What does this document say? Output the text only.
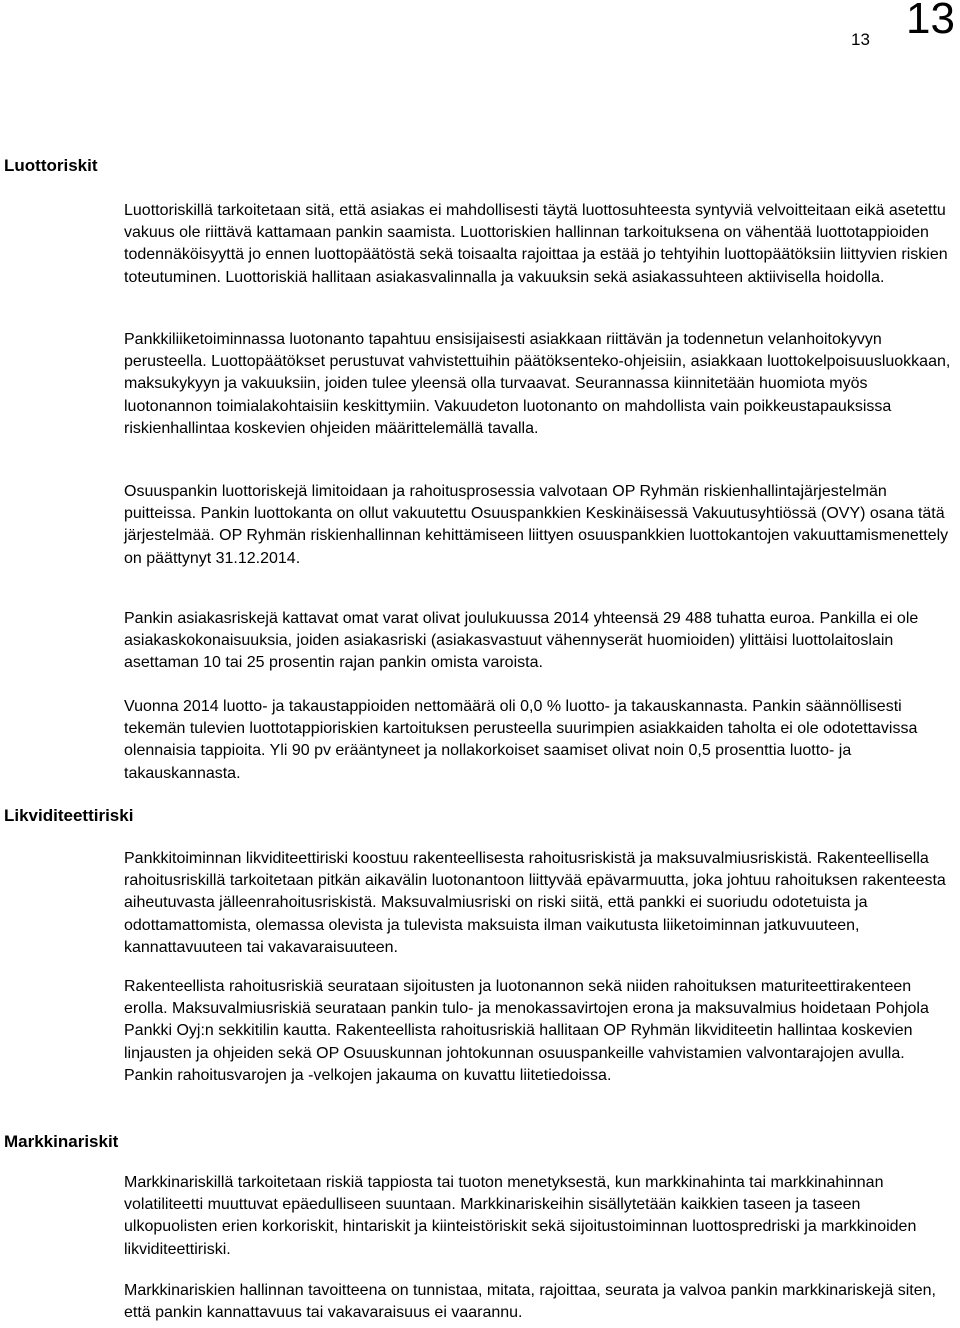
13 13
Luottoriskit

Luottoriskillä tarkoitetaan sitä, että asiakas ei mahdollisesti täytä luottosuhteesta syntyviä velvoitteitaan eikä asetettu vakuus ole riittävä kattamaan pankin saamista. Luottoriskien hallinnan tarkoituksena on vähentää luottotappioiden todennäköisyyttä jo ennen luottopäätöstä sekä toisaalta rajoittaa ja estää jo tehtyihin luottopäätöksiin liittyvien riskien toteutuminen. Luottoriskiä hallitaan asiakasvalinnalla ja vakuuksin sekä asiakassuhteen aktiivisella hoidolla.

Pankkiliiketoiminnassa luotonanto tapahtuu ensisijaisesti asiakkaan riittävän ja todennetun velanhoitokyvyn perusteella. Luottopäätökset perustuvat vahvistettuihin päätöksenteko-ohjeisiin, asiakkaan luottokelpoisuusluokkaan, maksukykyyn ja vakuuksiin, joiden tulee yleensä olla turvaavat. Seurannassa kiinnitetään huomiota myös luotonannon toimialakohtaisiin keskittymiin. Vakuudeton luotonanto on mahdollista vain poikkeustapauksissa riskienhallintaa koskevien ohjeiden määrittelemällä tavalla.

Osuuspankin luottoriskejä limitoidaan ja rahoitusprosessia valvotaan OP Ryhmän riskienhallintajärjestelmän puitteissa. Pankin luottokanta on ollut vakuutettu Osuuspankkien Keskinäisessä Vakuutusyhtiössä (OVY) osana tätä järjestelmää. OP Ryhmän riskienhallinnan kehittämiseen liittyen osuuspankkien luottokantojen vakuuttamismenettely on päättynyt 31.12.2014.

Pankin asiakasriskejä kattavat omat varat olivat joulukuussa 2014 yhteensä 29 488 tuhatta euroa. Pankilla ei ole asiakaskokonaisuuksia, joiden asiakasriski (asiakasvastuut vähennyserät huomioiden) ylittäisi luottolaitoslain asettaman 10 tai 25 prosentin rajan pankin omista varoista.

Vuonna 2014 luotto- ja takaustappioiden nettomäärä oli 0,0 % luotto- ja takauskannasta. Pankin säännöllisesti tekemän tulevien luottotappioriskien kartoituksen perusteella suurimpien asiakkaiden taholta ei ole odotettavissa olennaisia tappioita. Yli 90 pv erääntyneet ja nollakorkoiset saamiset olivat noin 0,5 prosenttia luotto- ja takauskannasta.

Likviditeettiriski

Pankkitoiminnan likviditeettiriski koostuu rakenteellisesta rahoitusriskistä ja maksuvalmiusriskistä. Rakenteellisella rahoitusriskillä tarkoitetaan pitkän aikavälin luotonantoon liittyvää epävarmuutta, joka johtuu rahoituksen rakenteesta aiheutuvasta jälleenrahoitusriskistä. Maksuvalmiusriski on riski siitä, että pankki ei suoriudu odotetuista ja odottamattomista, olemassa olevista ja tulevista maksuista ilman vaikutusta liiketoiminnan jatkuvuuteen, kannattavuuteen tai vakavaraisuuteen.

Rakenteellista rahoitusriskiä seurataan sijoitusten ja luotonannon sekä niiden rahoituksen maturiteettirakenteen erolla. Maksuvalmiusriskiä seurataan pankin tulo- ja menokassavirtojen erona ja maksuvalmius hoidetaan Pohjola Pankki Oyj:n sekkitilin kautta. Rakenteellista rahoitusriskiä hallitaan OP Ryhmän likviditeetin hallintaa koskevien linjausten ja ohjeiden sekä OP Osuuskunnan johtokunnan osuuspankeille vahvistamien valvontarajojen avulla. Pankin rahoitusvarojen ja -velkojen jakauma on kuvattu liitetiedoissa.

Markkinariskit

Markkinariskillä tarkoitetaan riskiä tappiosta tai tuoton menetyksestä, kun markkinahinta tai markkinahinnan volatiliteetti muuttuvat epäedulliseen suuntaan. Markkinariskeihin sisällytetään kaikkien taseen ja taseen ulkopuolisten erien korkoriskit, hintariskit ja kiinteistöriskit sekä sijoitustoiminnan luottospredriski ja markkinoiden likviditeettiriski.

Markkinariskien hallinnan tavoitteena on tunnistaa, mitata, rajoittaa, seurata ja valvoa pankin markkinariskejä siten, että pankin kannattavuus tai vakavaraisuus ei vaarannu.
